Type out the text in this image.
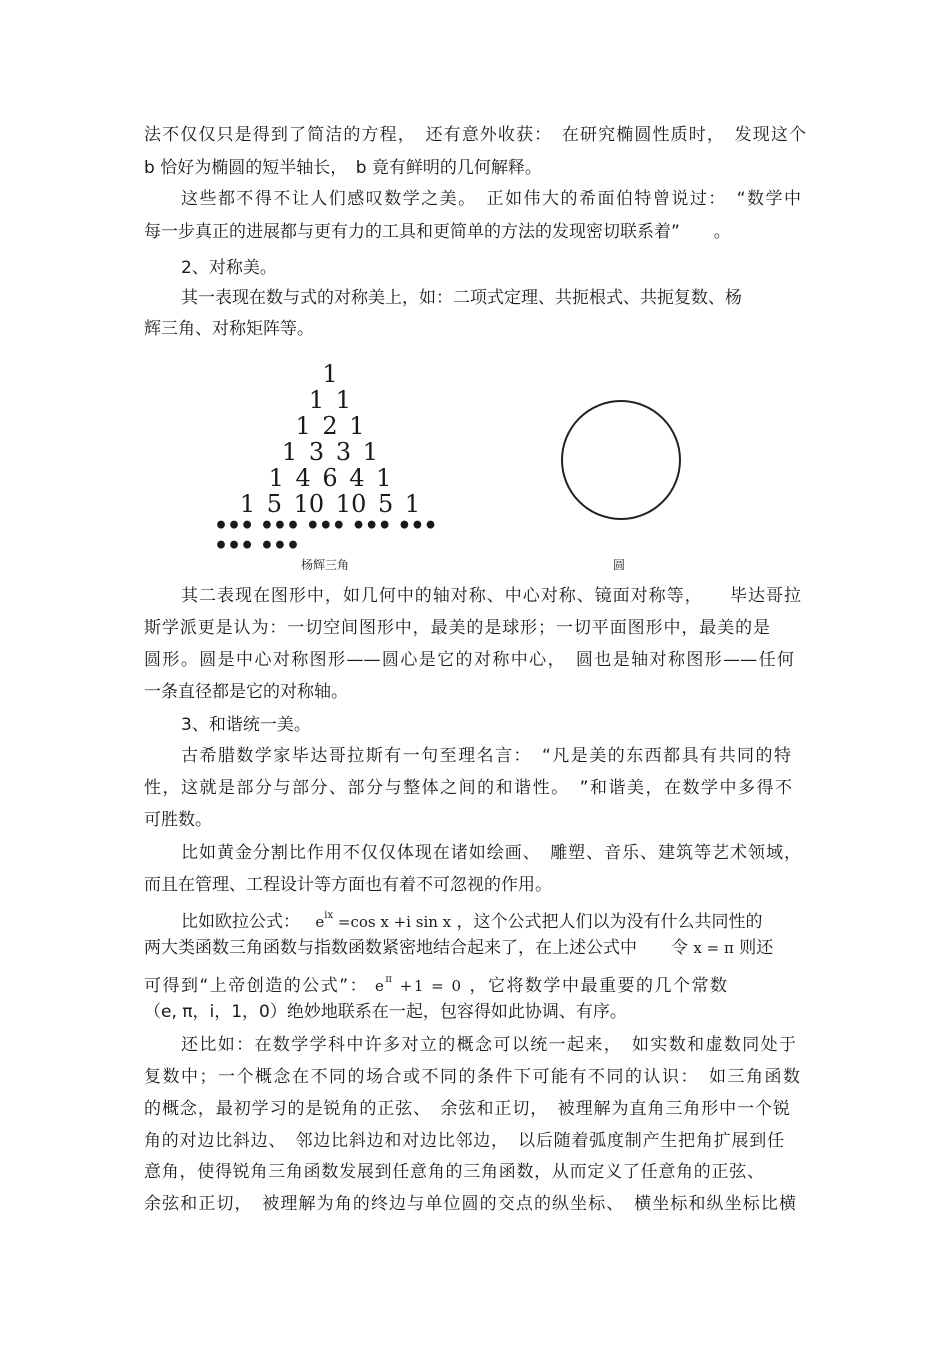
法不仅仅只是得到了简洁的方程，　还有意外收获：　在研究椭圆性质时，　发现这个
b 恰好为椭圆的短半轴长，　b 竟有鲜明的几何解释。
这些都不得不让人们感叹数学之美。　正如伟大的希面伯特曾说过：　“数学中
每一步真正的进展都与更有力的工具和更简单的方法的发现密切联系着”　　。
2、对称美。
其一表现在数与式的对称美上，如：二项式定理、共扼根式、共扼复数、杨
辉三角、对称矩阵等。
1
1 1
1 2 1
1 3 3 1
1 4 6 4 1
1 5 10 10 5 1
••• ••• ••• ••• ••• ••• •••
杨辉三角	圆
其二表现在图形中，如几何中的轴对称、中心对称、镜面对称等，　　毕达哥拉
斯学派更是认为：一切空间图形中，最美的是球形；一切平面图形中，最美的是
圆形。圆是中心对称图形——圆心是它的对称中心，　圆也是轴对称图形——任何
一条直径都是它的对称轴。
3、和谐统一美。
古希腊数学家毕达哥拉斯有一句至理名言：　“凡是美的东西都具有共同的特
性，这就是部分与部分、部分与整体之间的和谐性。　”和谐美，在数学中多得不
可胜数。
比如黄金分割比作用不仅仅体现在诸如绘画、　雕塑、音乐、建筑等艺术领域，
而且在管理、工程设计等方面也有着不可忽视的作用。
比如欧拉公式： $e^{ix} =\cos$ x +i sin x ，这个公式把人们以为没有什么共同性的
两大类函数三角函数与指数函数紧密地结合起来了，在上述公式中　　令 x = π 则还
可得到“上帝创造的公式”： $e^\pi +1 = 0$ ，它将数学中最重要的几个常数
（e, π，i，1，0）绝妙地联系在一起，包容得如此协调、有序。
还比如：在数学学科中许多对立的概念可以统一起来，　如实数和虚数同处于
复数中；一个概念在不同的场合或不同的条件下可能有不同的认识：　如三角函数
的概念，最初学习的是锐角的正弦、　余弦和正切，　被理解为直角三角形中一个锐
角的对边比斜边、　邻边比斜边和对边比邻边，　以后随着弧度制产生把角扩展到任
意角，使得锐角三角函数发展到任意角的三角函数，从而定义了任意角的正弦、
余弦和正切，　被理解为角的终边与单位圆的交点的纵坐标、　横坐标和纵坐标比横
